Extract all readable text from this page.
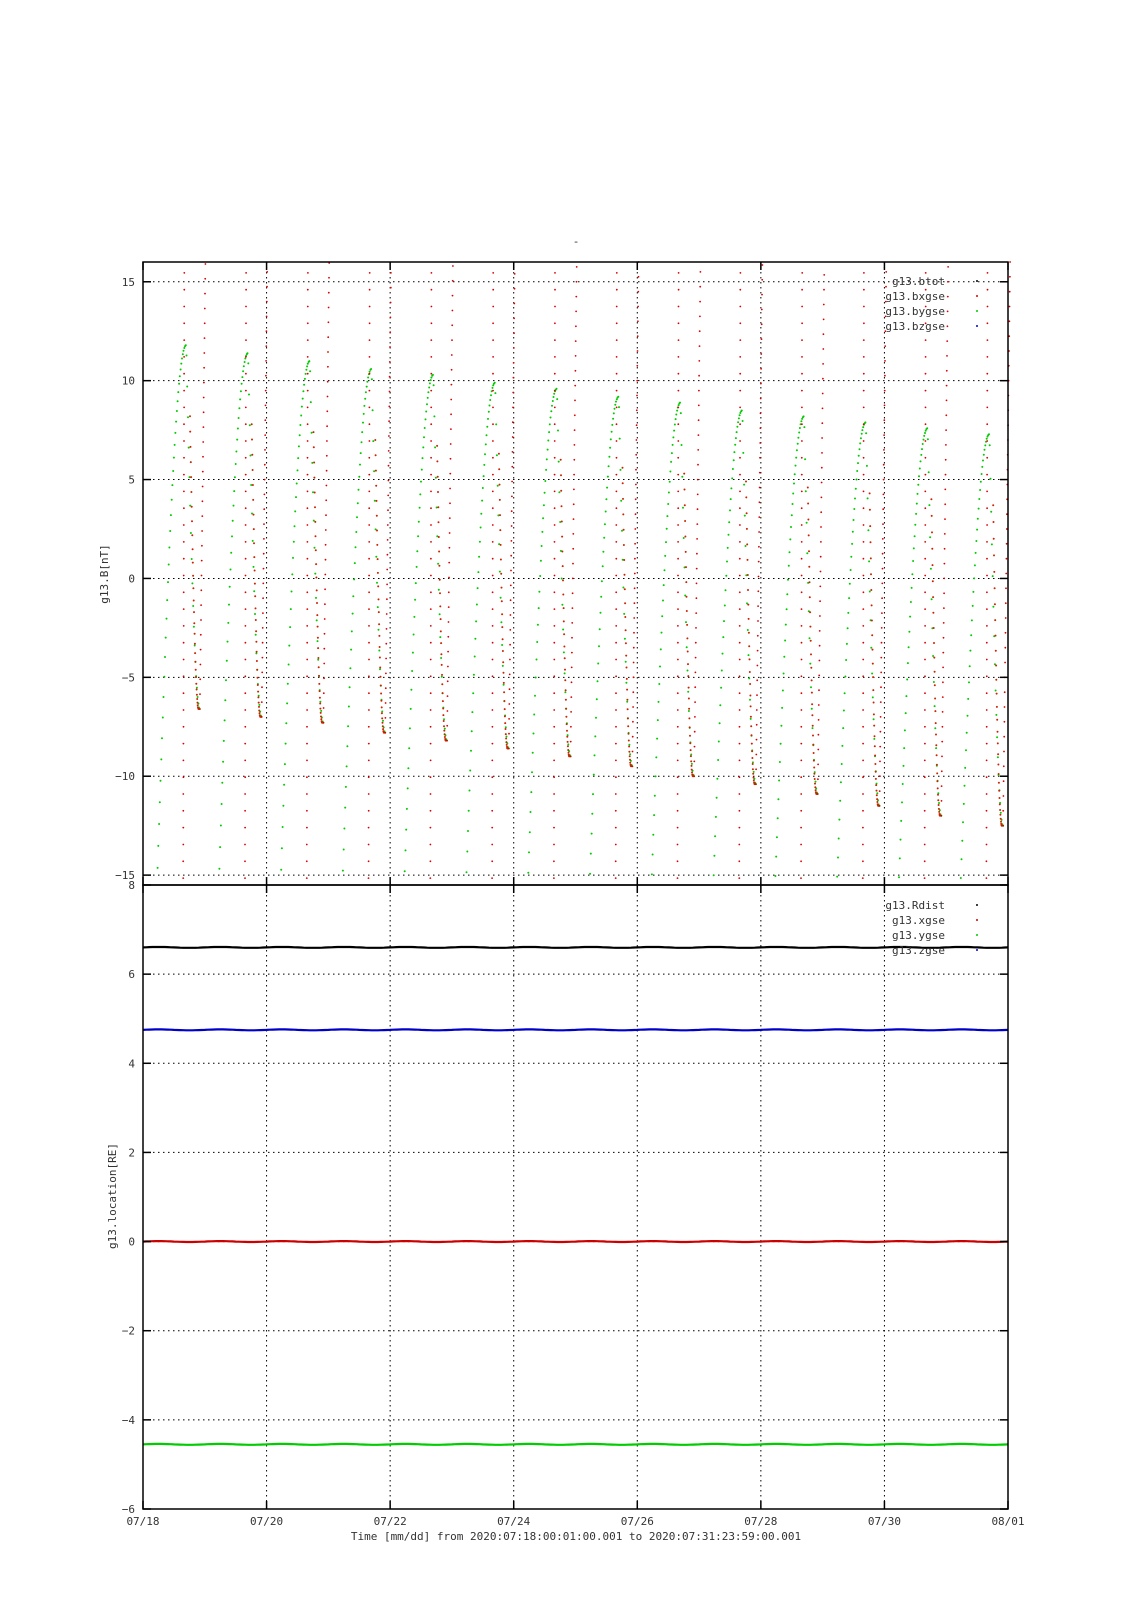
-
15
10
5
0
−5
−10
−15
g13.B[nT]
g13.btot
g13.bxgse
g13.bygse
g13.bzgse
8
6
4
2
0
−2
−4
−6
g13.location[RE]
g13.Rdist
g13.xgse
g13.ygse
g13.zgse
07/18	07/20	07/22	07/24	07/26	07/28	07/30	08/01
Time [mm/dd] from 2020:07:18:00:01:00.001 to 2020:07:31:23:59:00.001
